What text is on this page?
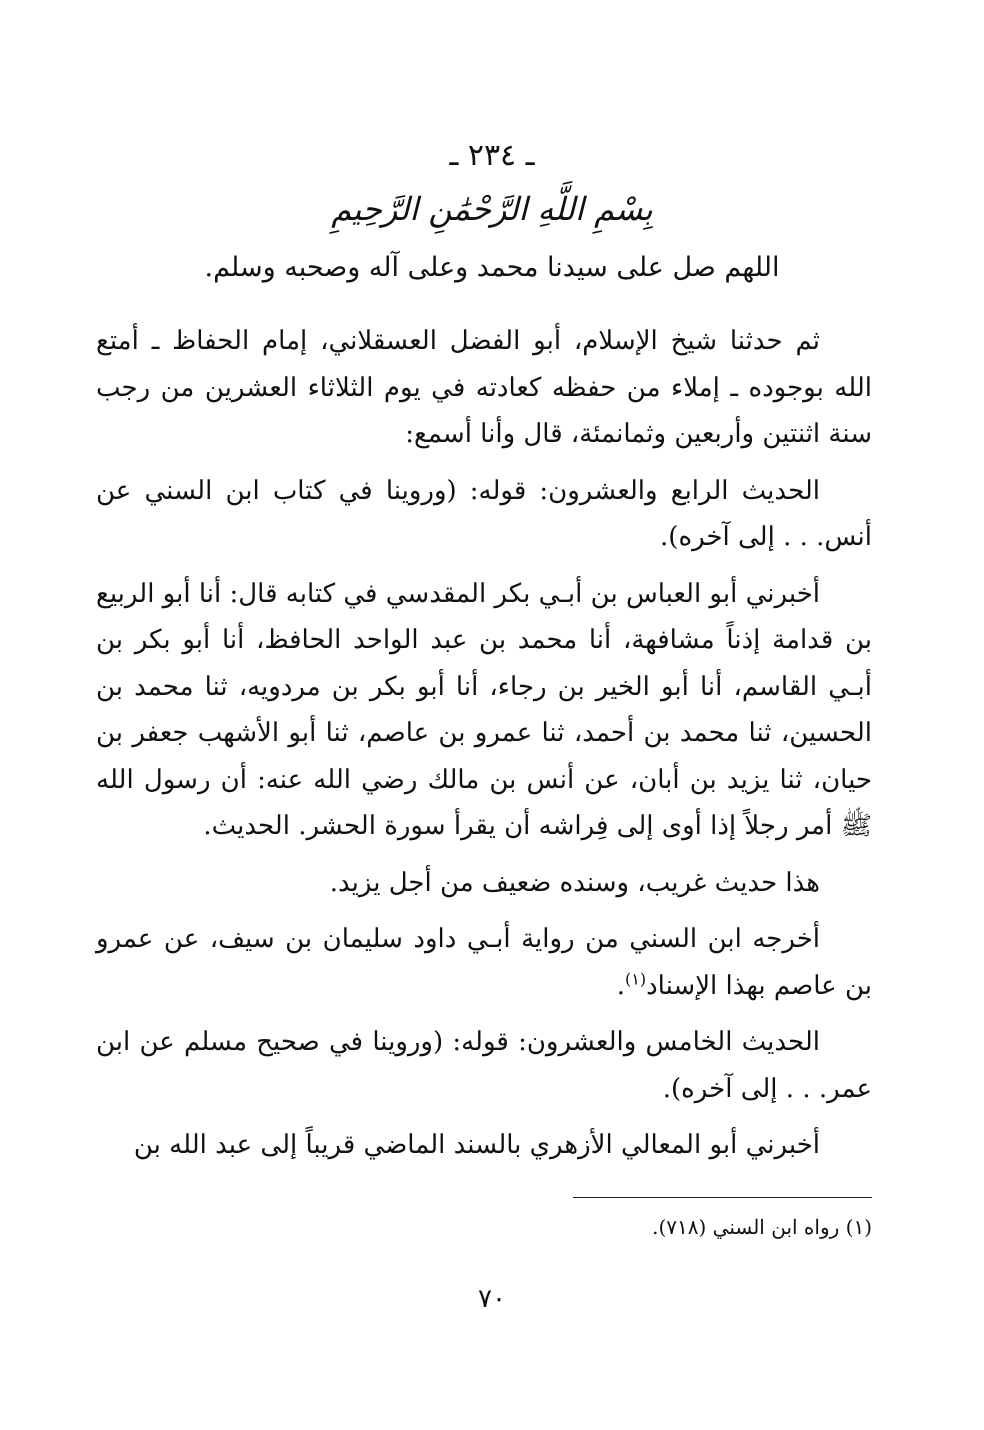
ـ ٢٣٤ ـ
بِسْمِ اللَّهِ الرَّحْمَٰنِ الرَّحِيمِ
اللهم صل على سيدنا محمد وعلى آله وصحبه وسلم.

ثم حدثنا شيخ الإسلام، أبو الفضل العسقلاني، إمام الحفاظ ـ أمتع الله بوجوده ـ إملاء من حفظه كعادته في يوم الثلاثاء العشرين من رجب سنة اثنتين وأربعين وثمانمئة، قال وأنا أسمع:

الحديث الرابع والعشرون: قوله: (وروينا في كتاب ابن السني عن أنس. . . إلى آخره).

أخبرني أبو العباس بن أبـي بكر المقدسي في كتابه قال: أنا أبو الربيع بن قدامة إذناً مشافهة، أنا محمد بن عبد الواحد الحافظ، أنا أبو بكر بن أبـي القاسم، أنا أبو الخير بن رجاء، أنا أبو بكر بن مردويه، ثنا محمد بن الحسين، ثنا محمد بن أحمد، ثنا عمرو بن عاصم، ثنا أبو الأشهب جعفر بن حيان، ثنا يزيد بن أبان، عن أنس بن مالك رضي الله عنه: أن رسول الله ﷺ أمر رجلاً إذا أوى إلى فِراشه أن يقرأ سورة الحشر. الحديث.

هذا حديث غريب، وسنده ضعيف من أجل يزيد.

أخرجه ابن السني من رواية أبـي داود سليمان بن سيف، عن عمرو بن عاصم بهذا الإسناد$^{(١)}$.

الحديث الخامس والعشرون: قوله: (وروينا في صحيح مسلم عن ابن عمر. . . إلى آخره).

أخبرني أبو المعالي الأزهري بالسند الماضي قريباً إلى عبد الله بن

(١) رواه ابن السني (٧١٨).
٧٠
